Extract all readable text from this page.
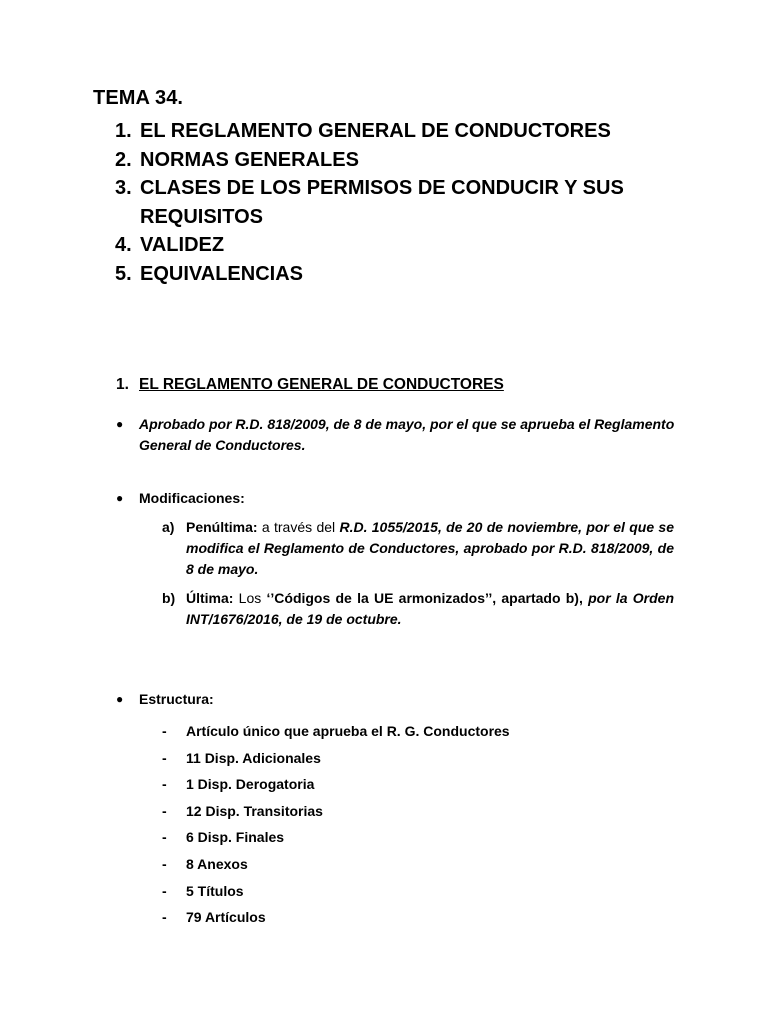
TEMA 34.
1. EL REGLAMENTO GENERAL DE CONDUCTORES
2. NORMAS GENERALES
3. CLASES DE LOS PERMISOS DE CONDUCIR Y SUS REQUISITOS
4. VALIDEZ
5. EQUIVALENCIAS
1. EL REGLAMENTO GENERAL DE CONDUCTORES
● Aprobado por R.D. 818/2009, de 8 de mayo, por el que se aprueba el Reglamento General de Conductores.
● Modificaciones:
a) Penúltima: a través del R.D. 1055/2015, de 20 de noviembre, por el que se modifica el Reglamento de Conductores, aprobado por R.D. 818/2009, de 8 de mayo.
b) Última: Los ‘’Códigos de la UE armonizados’’, apartado b), por la Orden INT/1676/2016, de 19 de octubre.
● Estructura:
- Artículo único que aprueba el R. G. Conductores
- 11 Disp. Adicionales
- 1 Disp. Derogatoria
- 12 Disp. Transitorias
- 6 Disp. Finales
- 8 Anexos
- 5 Títulos
- 79 Artículos
